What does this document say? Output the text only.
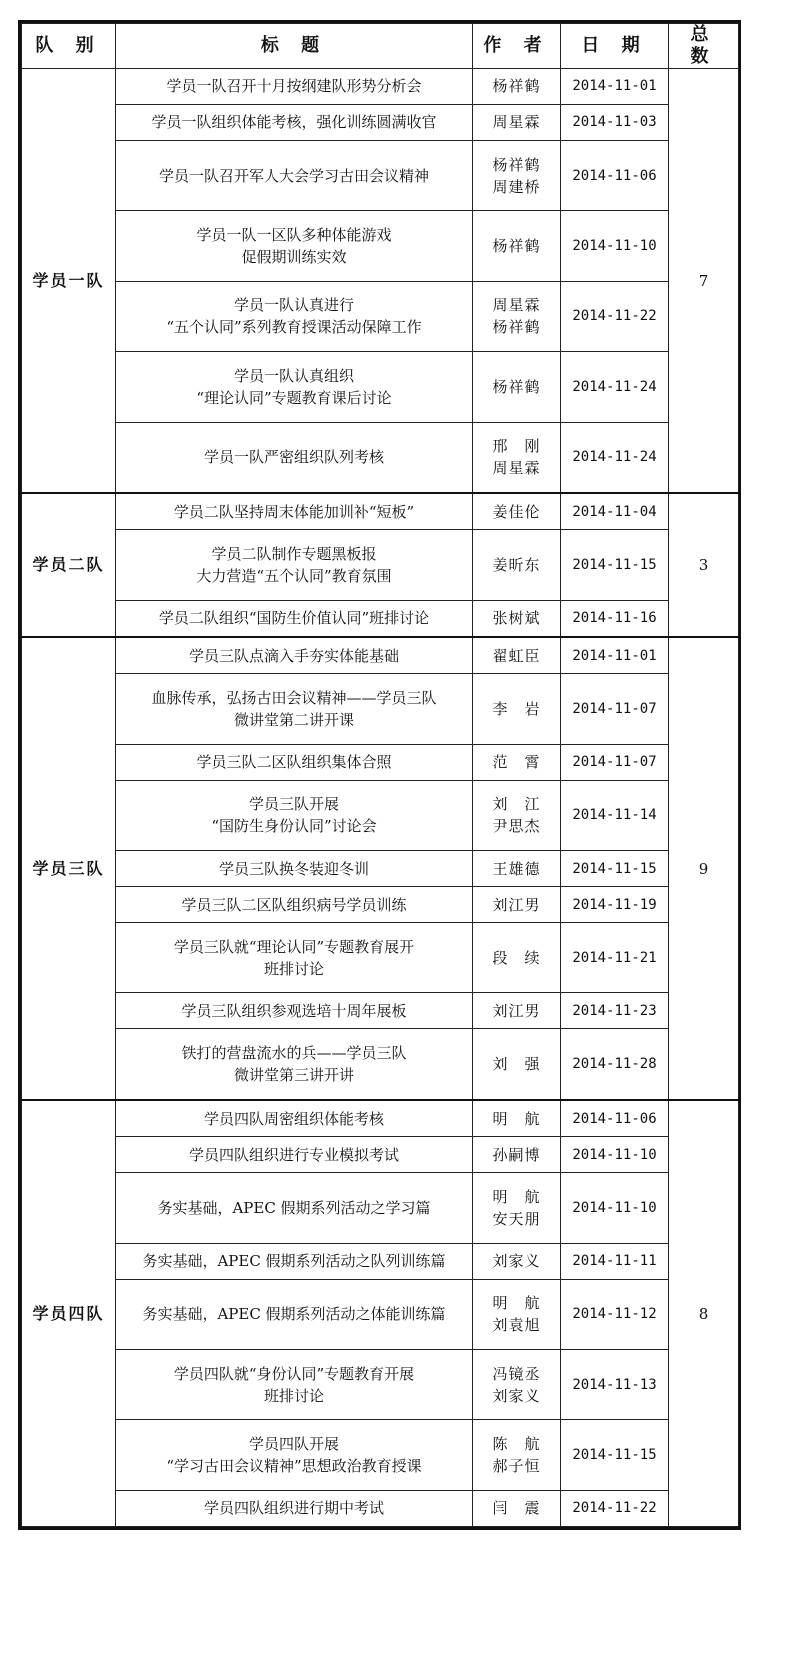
队 别	标 题	作 者	日 期	总 数
学员一队	学员一队召开十月按纲建队形势分析会	杨祥鹤	2014-11-01	7

	学员一队组织体能考核，强化训练圆满收官	周星霖	2014-11-03	

	学员一队召开军人大会学习古田会议精神	杨祥鹤
周建桥	2014-11-06	

	学员一队一区队多种体能游戏
促假期训练实效	杨祥鹤	2014-11-10	

	学员一队认真进行
“五个认同”系列教育授课活动保障工作	周星霖
杨祥鹤	2014-11-22	

	学员一队认真组织
“理论认同”专题教育课后讨论	杨祥鹤	2014-11-24	

	学员一队严密组织队列考核	邢　刚
周星霖	2014-11-24	
学员二队	学员二队坚持周末体能加训补“短板”	姜佳伦	2014-11-04	3

	学员二队制作专题黑板报
大力营造“五个认同”教育氛围	姜昕东	2014-11-15	

	学员二队组织“国防生价值认同”班排讨论	张树斌	2014-11-16	
学员三队	学员三队点滴入手夯实体能基础	翟虹臣	2014-11-01	9

	血脉传承，弘扬古田会议精神——学员三队
微讲堂第二讲开课	李　岩	2014-11-07	

	学员三队二区队组织集体合照	范　霄	2014-11-07	

	学员三队开展
“国防生身份认同”讨论会	刘　江
尹思杰	2014-11-14	

	学员三队换冬装迎冬训	王雄德	2014-11-15	

	学员三队二区队组织病号学员训练	刘江男	2014-11-19	

	学员三队就“理论认同”专题教育展开
班排讨论	段　续	2014-11-21	

	学员三队组织参观选培十周年展板	刘江男	2014-11-23	

	铁打的营盘流水的兵——学员三队
微讲堂第三讲开讲	刘　强	2014-11-28	
学员四队	学员四队周密组织体能考核	明　航	2014-11-06	8

	学员四队组织进行专业模拟考试	孙嗣博	2014-11-10	

	务实基础，APEC 假期系列活动之学习篇	明　航
安天朋	2014-11-10	

	务实基础，APEC 假期系列活动之队列训练篇	刘家义	2014-11-11	

	务实基础，APEC 假期系列活动之体能训练篇	明　航
刘袁旭	2014-11-12	

	学员四队就“身份认同”专题教育开展
班排讨论	冯镜丞
刘家义	2014-11-13	

	学员四队开展
“学习古田会议精神”思想政治教育授课	陈　航
郝子恒	2014-11-15	

	学员四队组织进行期中考试	闫　震	2014-11-22	
